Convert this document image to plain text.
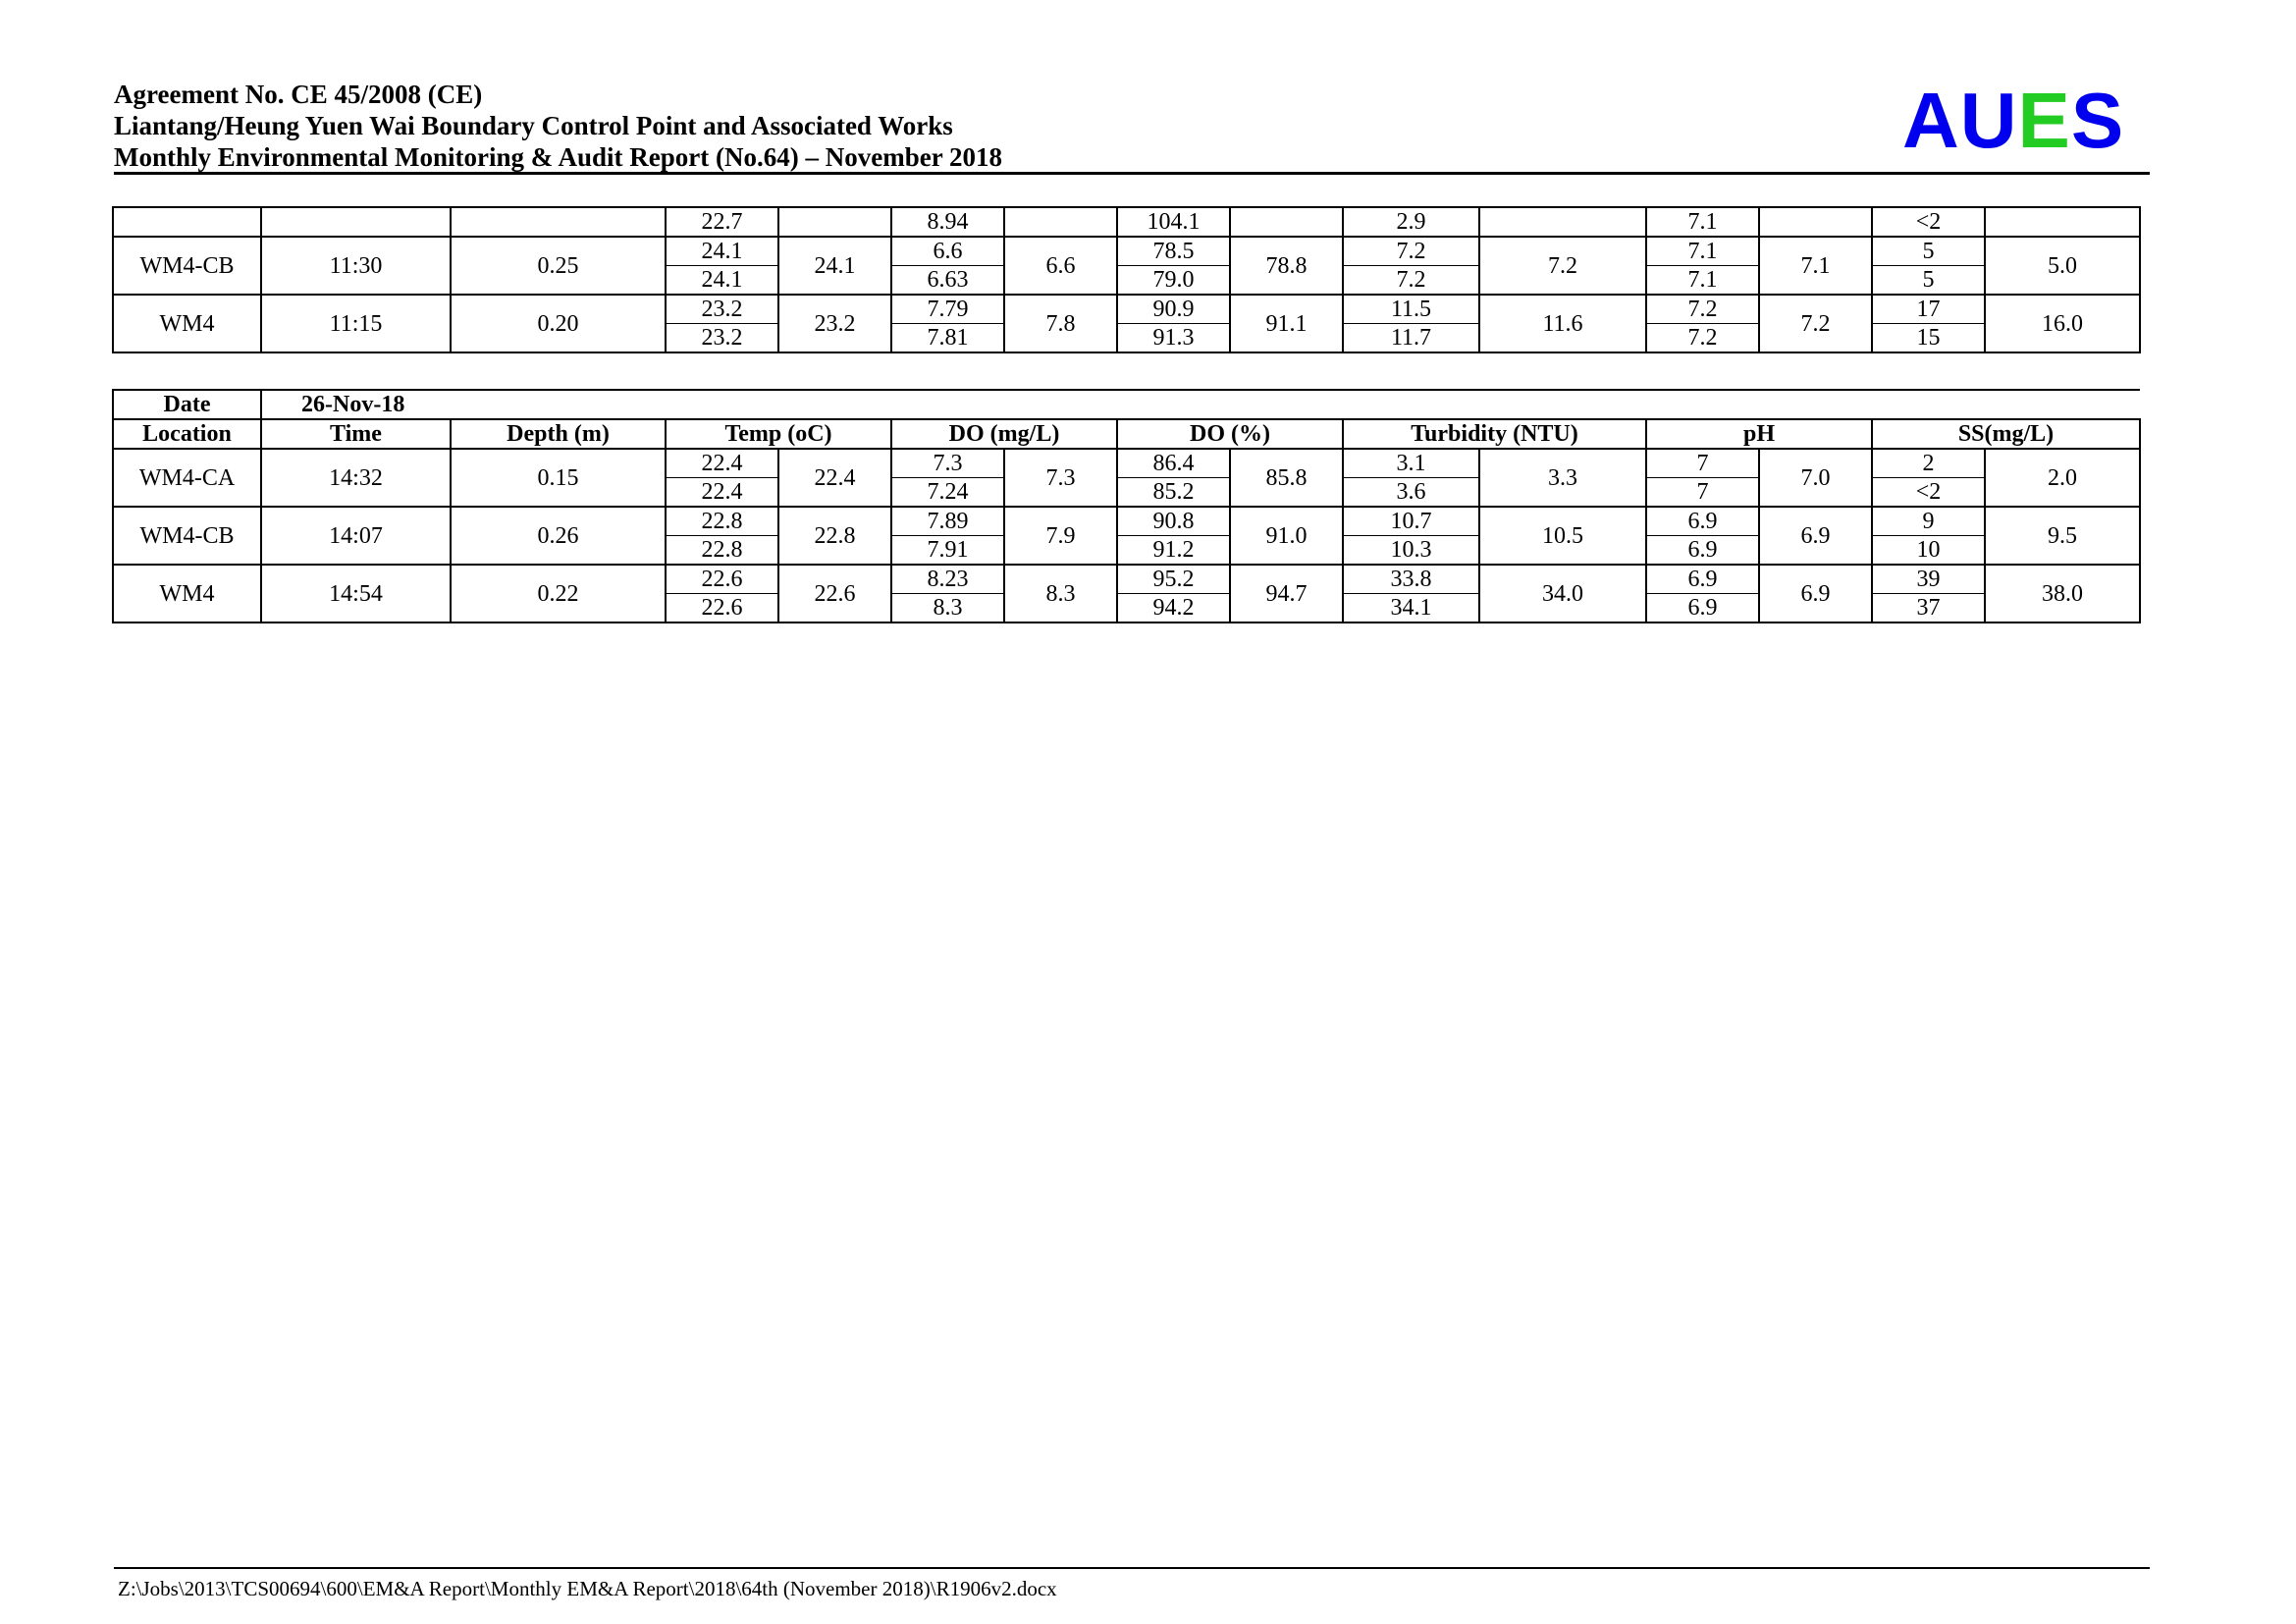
Agreement No. CE 45/2008 (CE)
Liantang/Heung Yuen Wai Boundary Control Point and Associated Works
Monthly Environmental Monitoring & Audit Report (No.64) – November 2018	AUES
			22.7		8.94		104.1		2.9		7.1		<2	
WM4-CB	11:30	0.25	24.1	24.1	6.6	6.6	78.5	78.8	7.2	7.2	7.1	7.1	5	5.0
			24.1		6.63		79.0		7.2		7.1		5	
WM4	11:15	0.20	23.2	23.2	7.79	7.8	90.9	91.1	11.5	11.6	7.2	7.2	17	16.0
			23.2		7.81		91.3		11.7		7.2		15	
Date	26-Nov-18													
Location	Time	Depth (m)	Temp (oC)		DO (mg/L)		DO (%)		Turbidity (NTU)		pH		SS(mg/L)	
WM4-CA	14:32	0.15	22.4	22.4	7.3	7.3	86.4	85.8	3.1	3.3	7	7.0	2	2.0
			22.4		7.24		85.2		3.6		7		<2	
WM4-CB	14:07	0.26	22.8	22.8	7.89	7.9	90.8	91.0	10.7	10.5	6.9	6.9	9	9.5
			22.8		7.91		91.2		10.3		6.9		10	
WM4	14:54	0.22	22.6	22.6	8.23	8.3	95.2	94.7	33.8	34.0	6.9	6.9	39	38.0
			22.6		8.3		94.2		34.1		6.9		37	
Z:\Jobs\2013\TCS00694\600\EM&A Report\Monthly EM&A Report\2018\64th (November 2018)\R1906v2.docx
